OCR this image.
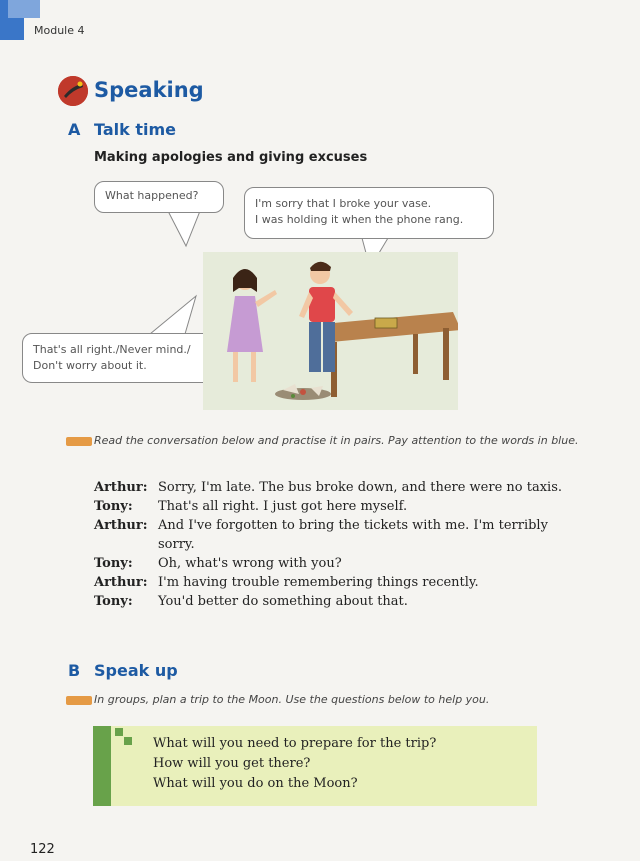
Module 4
Speaking
A Talk time
Making apologies and giving excuses
What happened?
I'm sorry that I broke your vase.
I was holding it when the phone rang.
That's all right./Never mind./
Don't worry about it.
Read the conversation below and practise it in pairs. Pay attention to the words in blue.
Arthur: Sorry, I'm late. The bus broke down, and there were no taxis.
Tony:	That's all right. I just got here myself.
Arthur: And I've forgotten to bring the tickets with me. I'm terribly sorry.
Tony:	Oh, what's wrong with you?
Arthur: I'm having trouble remembering things recently.
Tony:	You'd better do something about that.
B Speak up
In groups, plan a trip to the Moon. Use the questions below to help you.
What will you need to prepare for the trip?
How will you get there?
What will you do on the Moon?
122
